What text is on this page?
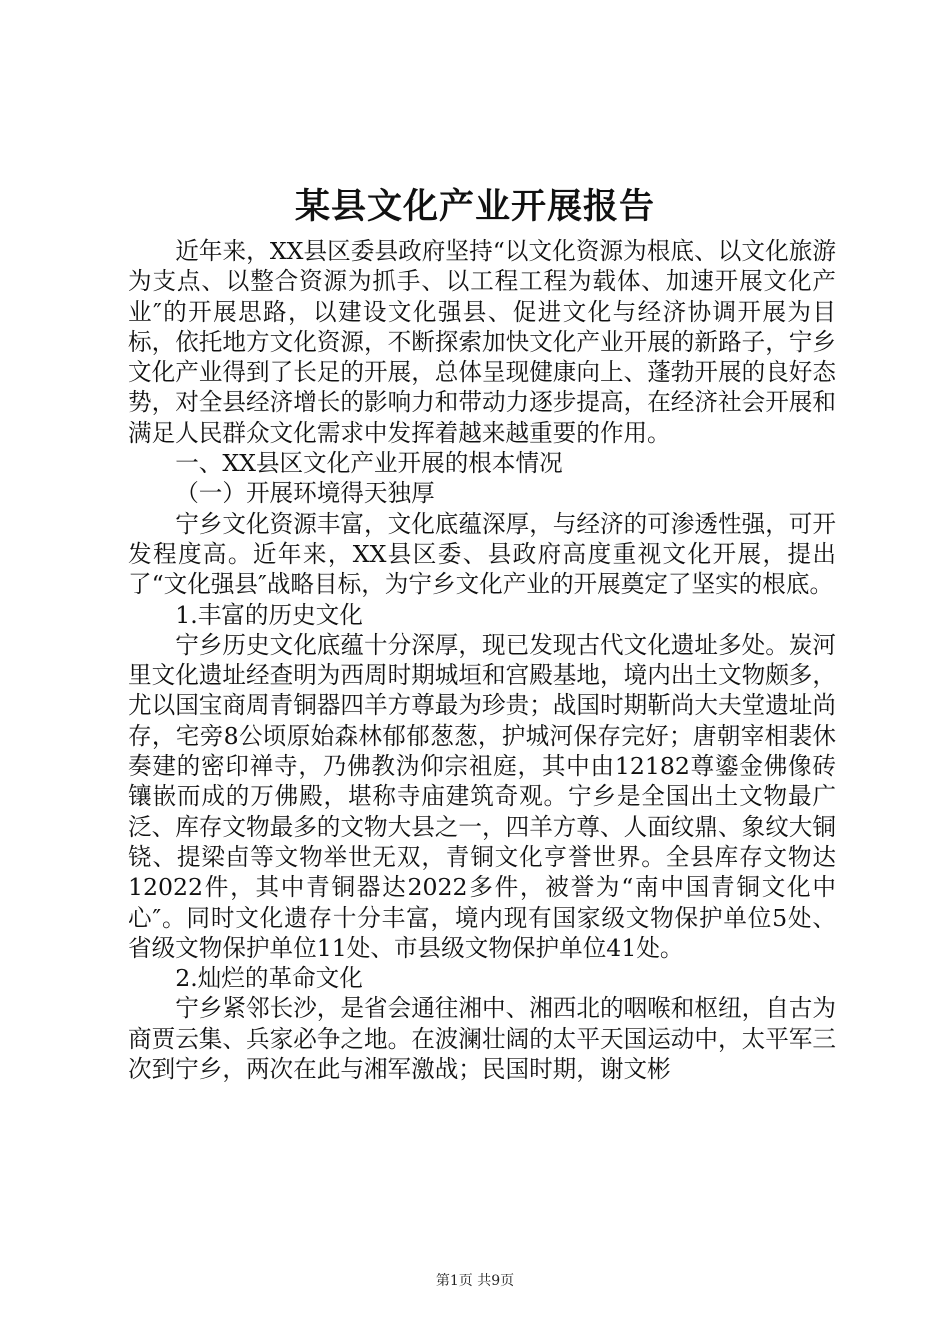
某县文化产业开展报告

近年来，XX县区委县政府坚持“以文化资源为根底、以文化旅游为支点、以整合资源为抓手、以工程工程为载体、加速开展文化产业″的开展思路，以建设文化强县、促进文化与经济协调开展为目标，依托地方文化资源，不断探索加快文化产业开展的新路子，宁乡文化产业得到了长足的开展，总体呈现健康向上、蓬勃开展的良好态势，对全县经济增长的影响力和带动力逐步提高，在经济社会开展和满足人民群众文化需求中发挥着越来越重要的作用。

一、XX县区文化产业开展的根本情况

（一）开展环境得天独厚

宁乡文化资源丰富，文化底蕴深厚，与经济的可渗透性强，可开发程度高。近年来，XX县区委、县政府高度重视文化开展，提出了“文化强县″战略目标，为宁乡文化产业的开展奠定了坚实的根底。

1.丰富的历史文化

宁乡历史文化底蕴十分深厚，现已发现古代文化遗址多处。炭河里文化遗址经查明为西周时期城垣和宫殿基地，境内出土文物颇多，尤以国宝商周青铜器四羊方尊最为珍贵；战国时期靳尚大夫堂遗址尚存，宅旁8公顷原始森林郁郁葱葱，护城河保存完好；唐朝宰相裴休奏建的密印禅寺，乃佛教沩仰宗祖庭，其中由12182尊鎏金佛像砖镶嵌而成的万佛殿，堪称寺庙建筑奇观。宁乡是全国出土文物最广泛、库存文物最多的文物大县之一，四羊方尊、人面纹鼎、象纹大铜铙、提梁卣等文物举世无双，青铜文化亨誉世界。全县库存文物达12022件，其中青铜器达2022多件，被誉为“南中国青铜文化中心″。同时文化遗存十分丰富，境内现有国家级文物保护单位5处、省级文物保护单位11处、市县级文物保护单位41处。

2.灿烂的革命文化

宁乡紧邻长沙，是省会通往湘中、湘西北的咽喉和枢纽，自古为商贾云集、兵家必争之地。在波澜壮阔的太平天国运动中，太平军三次到宁乡，两次在此与湘军激战；民国时期，谢文彬

第1页 共9页
